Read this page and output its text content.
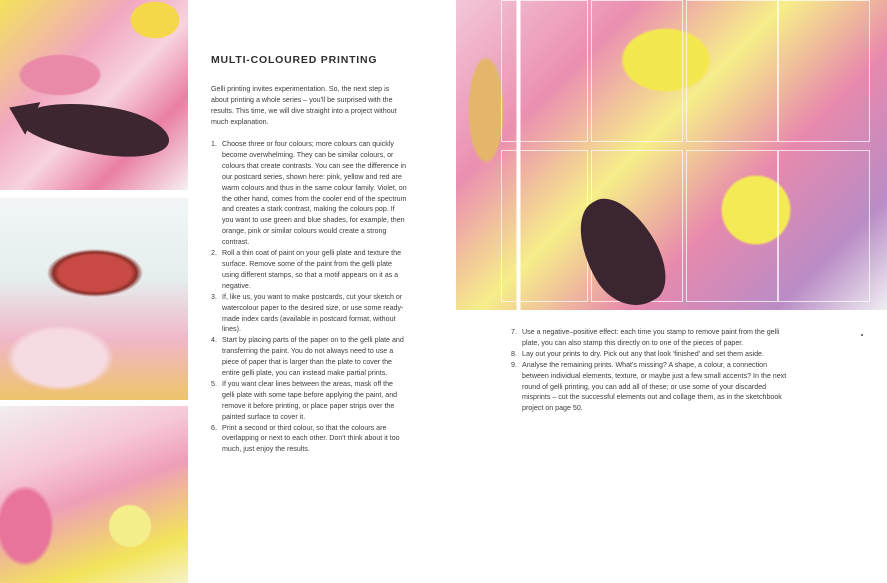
MULTI-COLOURED PRINTING
Gelli printing invites experimentation. So, the next step is about printing a whole series – you'll be surprised with the results. This time, we will dive straight into a project without much explanation.
1. Choose three or four colours; more colours can quickly become overwhelming. They can be similar colours, or colours that create contrasts. You can see the difference in our postcard series, shown here: pink, yellow and red are warm colours and thus in the same colour family. Violet, on the other hand, comes from the cooler end of the spectrum and creates a stark contrast, making the colours pop. If you want to use green and blue shades, for example, then orange, pink or similar colours would create a strong contrast.
2. Roll a thin coat of paint on your gelli plate and texture the surface. Remove some of the paint from the gelli plate using different stamps, so that a motif appears on it as a negative.
3. If, like us, you want to make postcards, cut your sketch or watercolour paper to the desired size, or use some ready-made index cards (available in postcard format, without lines).
4. Start by placing parts of the paper on to the gelli plate and transferring the paint. You do not always need to use a piece of paper that is larger than the plate to cover the entire gelli plate, you can instead make partial prints.
5. If you want clear lines between the areas, mask off the gelli plate with some tape before applying the paint, and remove it before printing, or place paper strips over the painted surface to cover it.
6. Print a second or third colour, so that the colours are overlapping or next to each other. Don't think about it too much, just enjoy the results.
7. Use a negative–positive effect: each time you stamp to remove paint from the gelli plate, you can also stamp this directly on to one of the pieces of paper.
8. Lay out your prints to dry. Pick out any that look 'finished' and set them aside.
9. Analyse the remaining prints. What's missing? A shape, a colour, a connection between individual elements, texture, or maybe just a few small accents? In the next round of gelli printing, you can add all of these; or use some of your discarded misprints – cut the successful elements out and collage them, as in the sketchbook project on page 50.
